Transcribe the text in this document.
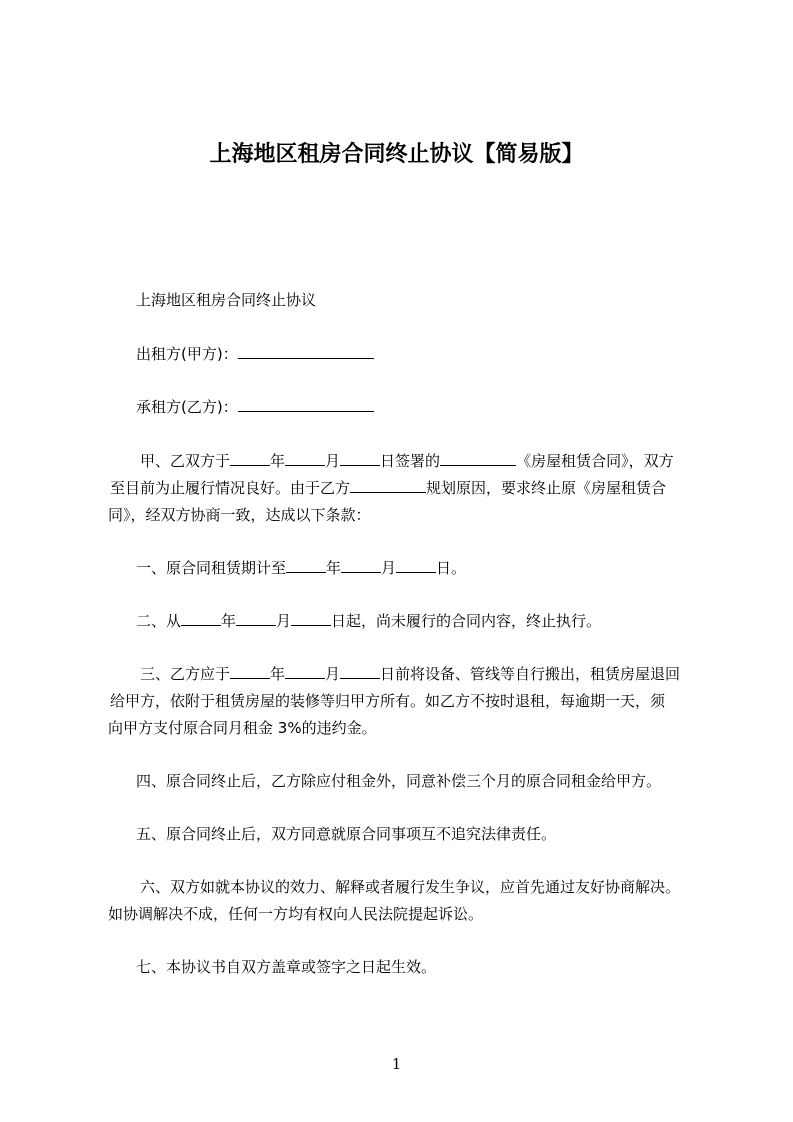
上海地区租房合同终止协议【简易版】

上海地区租房合同终止协议

出租方(甲方)：

承租方(乙方)：

甲、乙双方于	年	月	日签署的	《房屋租赁合同》，双方

至目前为止履行情况良好。由于乙方	规划原因，要求终止原《房屋租赁合

同》，经双方协商一致，达成以下条款：

一、原合同租赁期计至	年	月	日。

二、从	年	月	日起，尚未履行的合同内容，终止执行。

三、乙方应于	年	月	日前将设备、管线等自行搬出，租赁房屋退回

给甲方，依附于租赁房屋的装修等归甲方所有。如乙方不按时退租，每逾期一天，须

向甲方支付原合同月租金 3%的违约金。

四、原合同终止后，乙方除应付租金外，同意补偿三个月的原合同租金给甲方。

五、原合同终止后，双方同意就原合同事项互不追究法律责任。

六、双方如就本协议的效力、解释或者履行发生争议，应首先通过友好协商解决。

如协调解决不成，任何一方均有权向人民法院提起诉讼。

七、本协议书自双方盖章或签字之日起生效。

1
